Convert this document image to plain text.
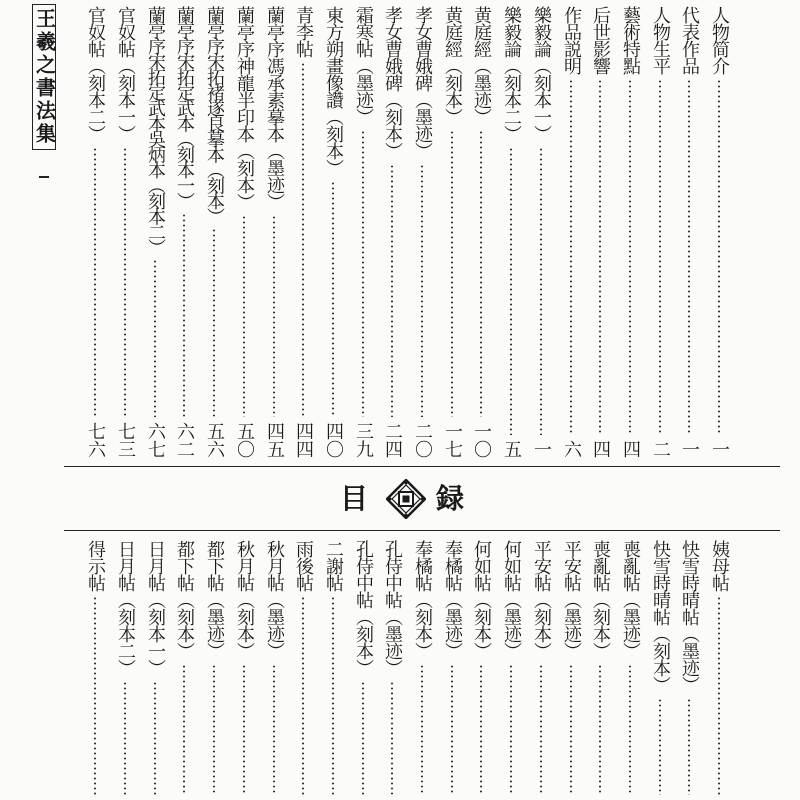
王羲之書法集	人物简介
一
代表作品
一
人物生平
二
藝術特點
四
后世影響
四
作品説明
六
樂毅論（刻本一）
一
樂毅論（刻本二）
五
黄庭經（墨迹）
一〇
黄庭經（刻本）
一七
孝女曹娥碑（墨迹）
二〇
孝女曹娥碑（刻本）
二四
霜寒帖（墨迹）
三九
東方朔畫像讚（刻本）
四〇
青李帖
四四
蘭亭序馮承素摹本（墨迹）
四五
蘭亭序神龍半印本（刻本）
五〇
蘭亭序宋拓褚遂良摹本（刻本）
五六
蘭亭序宋拓定武本（刻本一）
六二
蘭亭序宋拓定武本吳炳本（刻本二）
六七
官奴帖（刻本一）
七三
官奴帖（刻本二）
七六
目 録
姨母帖
快雪時晴帖（墨迹）
快雪時晴帖（刻本）
喪亂帖（墨迹）
喪亂帖（刻本）
平安帖（墨迹）
平安帖（刻本）
何如帖（墨迹）
何如帖（刻本）
奉橘帖（墨迹）
奉橘帖（刻本）
孔侍中帖（墨迹）
孔侍中帖（刻本）
二謝帖
雨後帖
秋月帖（墨迹）
秋月帖（刻本）
都下帖（墨迹）
都下帖（刻本）
日月帖（刻本一）
日月帖（刻本二）
得示帖
